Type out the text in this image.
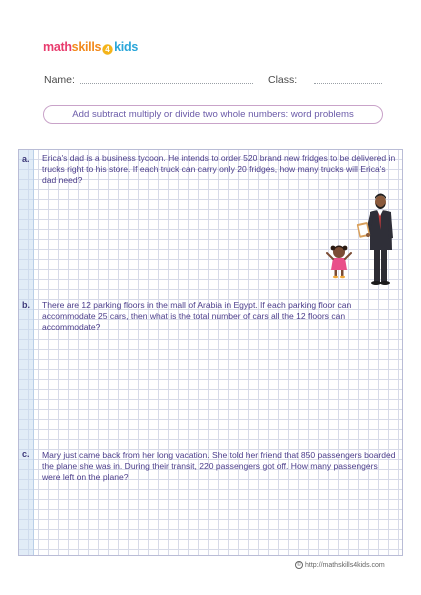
mathskills 4 kids
Name:	Class:
Add subtract multiply or divide two whole numbers: word problems
a. Erica's dad is a business tycoon. He intends to order 520 brand new fridges to be delivered in trucks right to his store. If each truck can carry only 20 fridges, how many trucks will Erica's dad need?

b. There are 12 parking floors in the mall of Arabia in Egypt. If each parking floor can accommodate 25 cars, then what is the total number of cars all the 12 floors can accommodate?

c. Mary just came back from her long vacation. She told her friend that 850 passengers boarded the plane she was in. During their transit, 220 passengers got off. How many passengers were left on the plane?

© http://mathskills4kids.com
